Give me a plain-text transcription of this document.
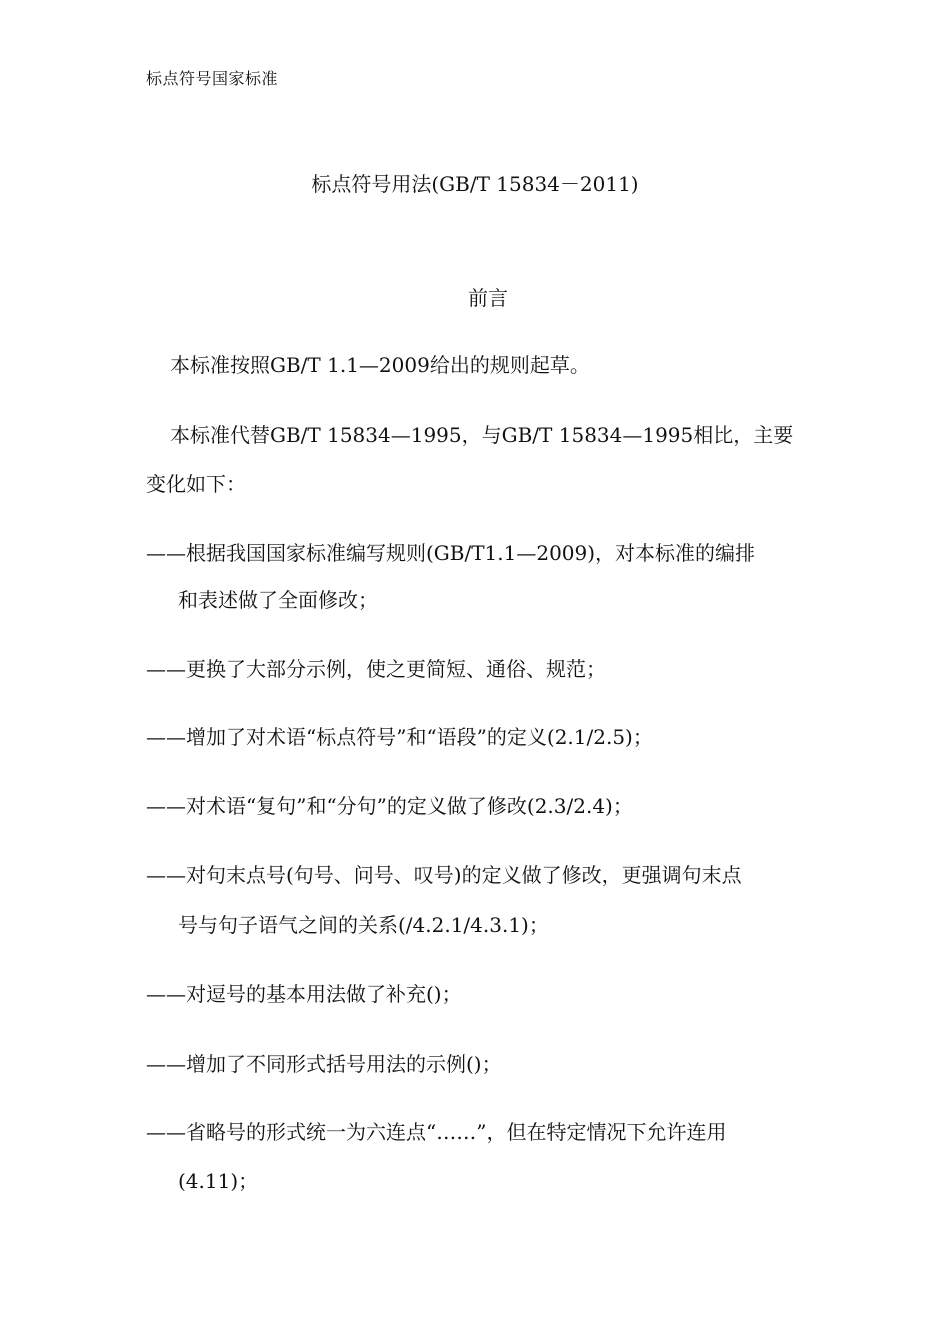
标点符号国家标准
标点符号用法(GB/T 15834－2011)
前言
本标准按照GB/T 1.1—2009给出的规则起草。
本标准代替GB/T 15834—1995，与GB/T 15834—1995相比，主要
变化如下：
——根据我国国家标准编写规则(GB/T1.1—2009)，对本标准的编排
和表述做了全面修改；
——更换了大部分示例，使之更简短、通俗、规范；
——增加了对术语“标点符号”和“语段”的定义(2.1/2.5)；
——对术语“复句”和“分句”的定义做了修改(2.3/2.4)；
——对句末点号(句号、问号、叹号)的定义做了修改，更强调句末点
号与句子语气之间的关系(/4.2.1/4.3.1)；
——对逗号的基本用法做了补充()；
——增加了不同形式括号用法的示例()；
——省略号的形式统一为六连点“……”，但在特定情况下允许连用
(4.11)；
